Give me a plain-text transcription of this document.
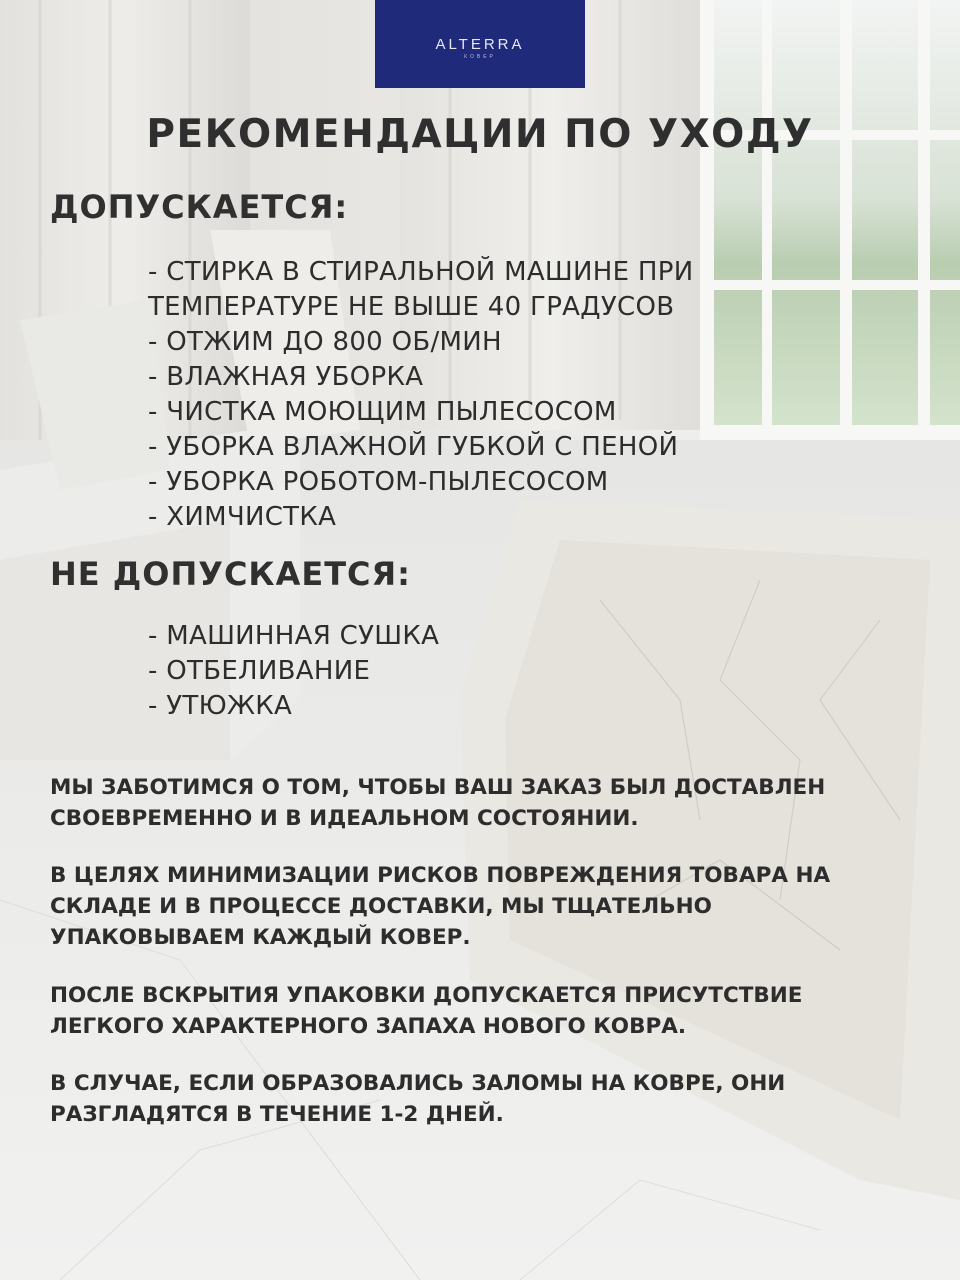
ALTERRA
КОВЕР
РЕКОМЕНДАЦИИ ПО УХОДУ
ДОПУСКАЕТСЯ:
- СТИРКА В СТИРАЛЬНОЙ МАШИНЕ ПРИ
ТЕМПЕРАТУРЕ НЕ ВЫШЕ 40 ГРАДУСОВ
- ОТЖИМ ДО 800 ОБ/МИН
- ВЛАЖНАЯ УБОРКА
- ЧИСТКА МОЮЩИМ ПЫЛЕСОСОМ
- УБОРКА ВЛАЖНОЙ ГУБКОЙ С ПЕНОЙ
- УБОРКА РОБОТОМ-ПЫЛЕСОСОМ
- ХИМЧИСТКА
НЕ ДОПУСКАЕТСЯ:
- МАШИННАЯ СУШКА
- ОТБЕЛИВАНИЕ
- УТЮЖКА

МЫ ЗАБОТИМСЯ О ТОМ, ЧТОБЫ ВАШ ЗАКАЗ БЫЛ ДОСТАВЛЕН
СВОЕВРЕМЕННО И В ИДЕАЛЬНОМ СОСТОЯНИИ.

В ЦЕЛЯХ МИНИМИЗАЦИИ РИСКОВ ПОВРЕЖДЕНИЯ ТОВАРА НА
СКЛАДЕ И В ПРОЦЕССЕ ДОСТАВКИ, МЫ ТЩАТЕЛЬНО
УПАКОВЫВАЕМ КАЖДЫЙ КОВЕР.

ПОСЛЕ ВСКРЫТИЯ УПАКОВКИ ДОПУСКАЕТСЯ ПРИСУТСТВИЕ
ЛЕГКОГО ХАРАКТЕРНОГО ЗАПАХА НОВОГО КОВРА.

В СЛУЧАЕ, ЕСЛИ ОБРАЗОВАЛИСЬ ЗАЛОМЫ НА КОВРЕ, ОНИ
РАЗГЛАДЯТСЯ В ТЕЧЕНИЕ 1-2 ДНЕЙ.
